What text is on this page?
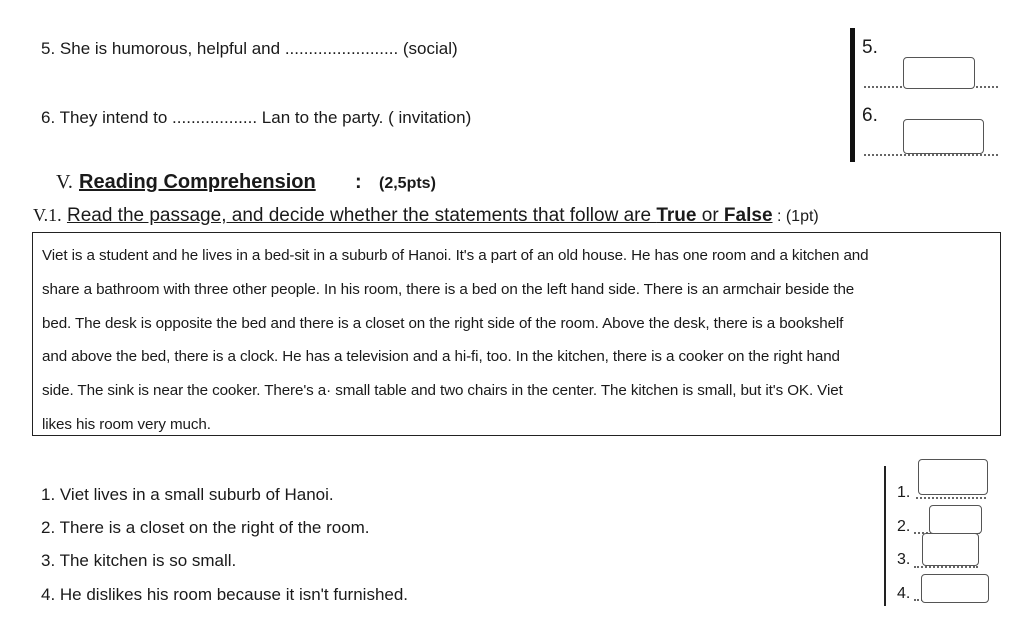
5. She is humorous, helpful and ........................ (social)
6. They intend to .................. Lan to the party. ( invitation)
5.
6.
V. Reading Comprehension : (2,5pts)
V.1. Read the passage, and decide whether the statements that follow are True or False : (1pt)
Viet is a student and he lives in a bed-sit in a suburb of Hanoi. It's a part of an old house. He has one room and a kitchen and
share a bathroom with three other people. In his room, there is a bed on the left hand side. There is an armchair beside the
bed. The desk is opposite the bed and there is a closet on the right side of the room. Above the desk, there is a bookshelf
and above the bed, there is a clock. He has a television and a hi-fi, too. In the kitchen, there is a cooker on the right hand
side. The sink is near the cooker. There's a· small table and two chairs in the center. The kitchen is small, but it's OK. Viet
likes his room very much.
1. Viet lives in a small suburb of Hanoi.
2. There is a closet on the right of the room.
3. The kitchen is so small.
4. He dislikes his room because it isn't furnished.
1.
2.
3.
4.
